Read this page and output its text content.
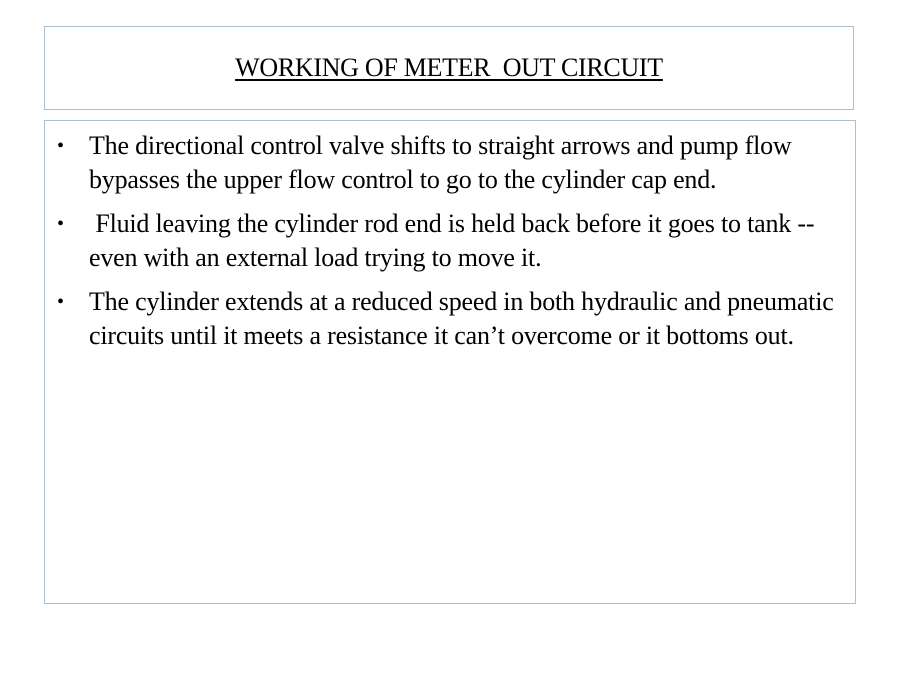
WORKING OF METER  OUT CIRCUIT
• The directional control valve shifts to straight arrows and pump flow bypasses the upper flow control to go to the cylinder cap end.
• Fluid leaving the cylinder rod end is held back before it goes to tank -- even with an external load trying to move it.
• The cylinder extends at a reduced speed in both hydraulic and pneumatic circuits until it meets a resistance it can’t overcome or it bottoms out.
